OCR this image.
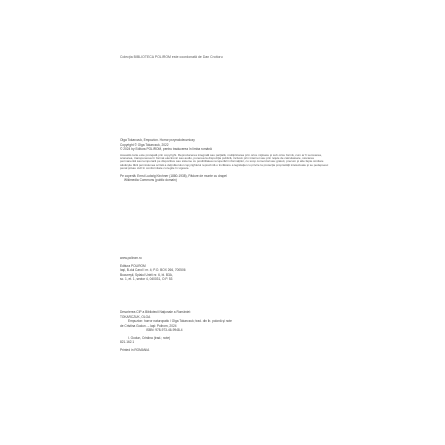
Colecţia BIBLIOTECA POLIROM este coordonată de Dan Croitoru
Olga Tokarczuk, Empuzion. Horror przyrodoleczniczy
Copyright © Olga Tokarczuk, 2022
© 2024 by Editura POLIROM, pentru traducerea în limba română
Această carte este protejată prin copyright. Reproducerea integrală sau parţială, multiplicarea prin orice mijloace şi sub orice formă, cum ar fi xeroxarea, scanarea, transpunerea în format electronic sau audio, punerea la dispoziţia publică, inclusiv prin internet sau prin reţele de calculatoare, stocarea permanentă sau temporară pe dispozitive sau sisteme cu posibilitatea recuperării informaţiilor, cu scop comercial sau gratuit, precum şi alte fapte similare săvârşite fără permisiunea scrisă a deţinătorului copyrightului reprezintă o încălcare a legislaţiei cu privire la protecţia proprietăţii intelectuale şi se pedepsesc penal şi/sau civil în conformitate cu legile în vigoare.
Pe copertă: Ernst Ludwig Kirchner (1880-1938), Pădure de munte cu drapel
Wikimedia Commons (public domain)
www.polirom.ro
Editura POLIROM
Iaşi, B-dul Carol I nr. 4; P.O. BOX 266, 700506
Bucureşti, Splaiul Unirii nr. 6, bl. B3A,
sc. 1, et. 1, sector 4, 040031, O.P. 53
Descrierea CIP a Bibliotecii Naţionale a României:
TOKARCZUK, OLGA
Empuzion: horror naturopatic / Olga Tokarczuk; trad. din lb. polonă şi note
de Cristina Godun. – Iaşi: Polirom, 2024
ISBN: 978-973-46-9948-4
I. Godun, Cristina (trad.; note)
821.162.1
Printed in ROMANIA
